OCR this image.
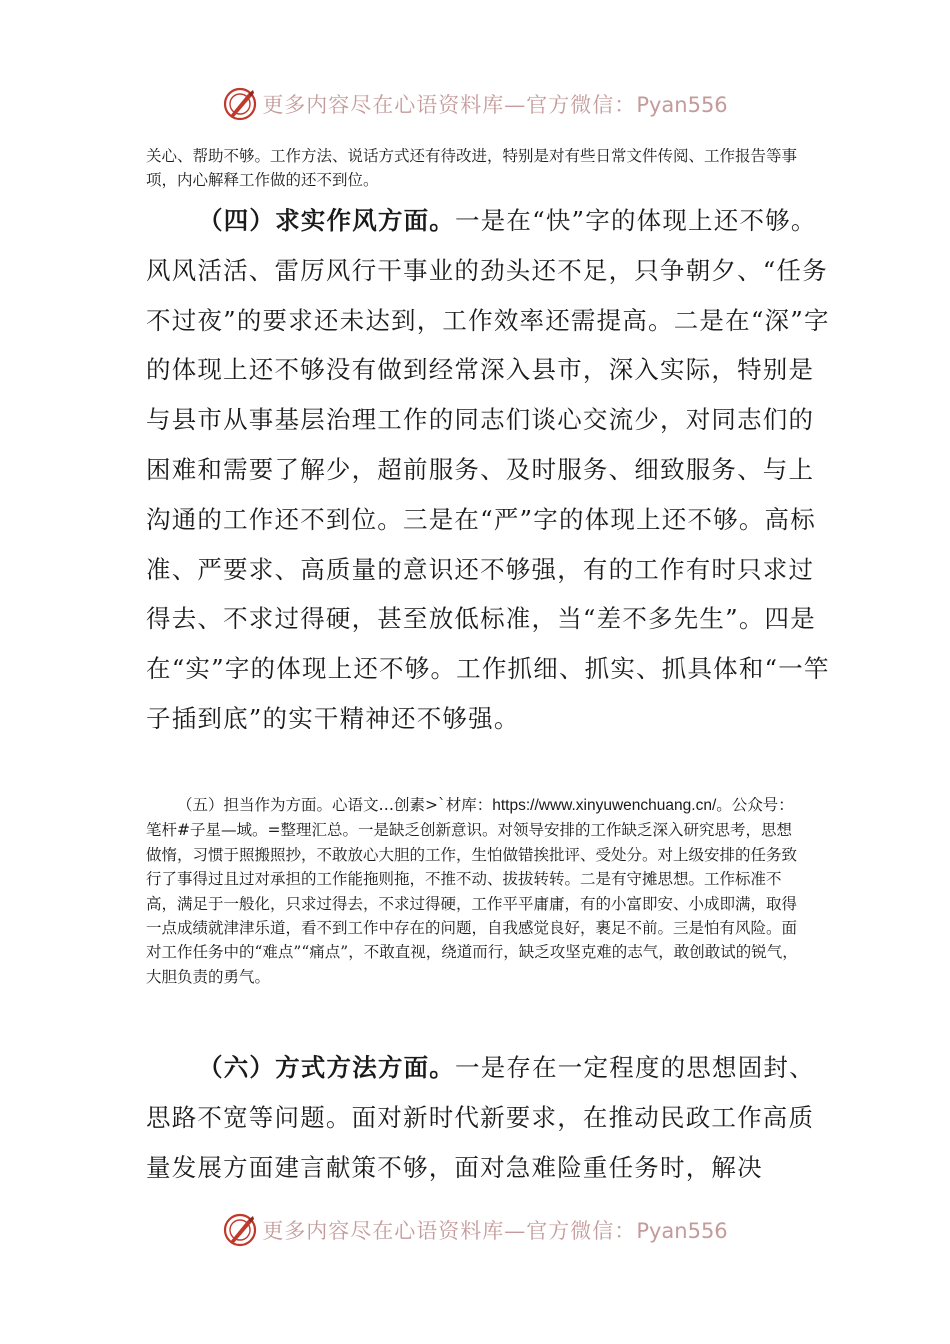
更多内容尽在心语资料库—官方微信：Pyan556
关心、帮助不够。工作方法、说话方式还有待改进，特别是对有些日常文件传阅、工作报告等事项，内心解释工作做的还不到位。
（四）求实作风方面。一是在“快”字的体现上还不够。风风活活、雷厉风行干事业的劲头还不足，只争朝夕、“任务不过夜”的要求还未达到，工作效率还需提高。二是在“深”字的体现上还不够没有做到经常深入县市，深入实际，特别是与县市从事基层治理工作的同志们谈心交流少，对同志们的困难和需要了解少，超前服务、及时服务、细致服务、与上沟通的工作还不到位。三是在“严”字的体现上还不够。高标准、严要求、高质量的意识还不够强，有的工作有时只求过得去、不求过得硬，甚至放低标准，当“差不多先生”。四是在“实”字的体现上还不够。工作抓细、抓实、抓具体和“一竿子插到底”的实干精神还不够强。
（五）担当作为方面。心语文…创素>`材库：https://www.xinyuwenchuang.cn/。公众号：笔杆#子星—域。=整理汇总。一是缺乏创新意识。对领导安排的工作缺乏深入研究思考，思想做惰，习惯于照搬照抄，不敢放心大胆的工作，生怕做错挨批评、受处分。对上级安排的任务致行了事得过且过对承担的工作能拖则拖，不推不动、拔拔转转。二是有守摊思想。工作标准不高，满足于一般化，只求过得去，不求过得硬，工作平平庸庸，有的小富即安、小成即满，取得一点成绩就津津乐道，看不到工作中存在的问题，自我感觉良好，裹足不前。三是怕有风险。面对工作任务中的“难点”“痛点”，不敢直视，绕道而行，缺乏攻坚克难的志气，敢创敢试的锐气，大胆负责的勇气。
（六）方式方法方面。一是存在一定程度的思想固封、思路不宽等问题。面对新时代新要求，在推动民政工作高质量发展方面建言献策不够，面对急难险重任务时，解决
更多内容尽在心语资料库—官方微信：Pyan556
